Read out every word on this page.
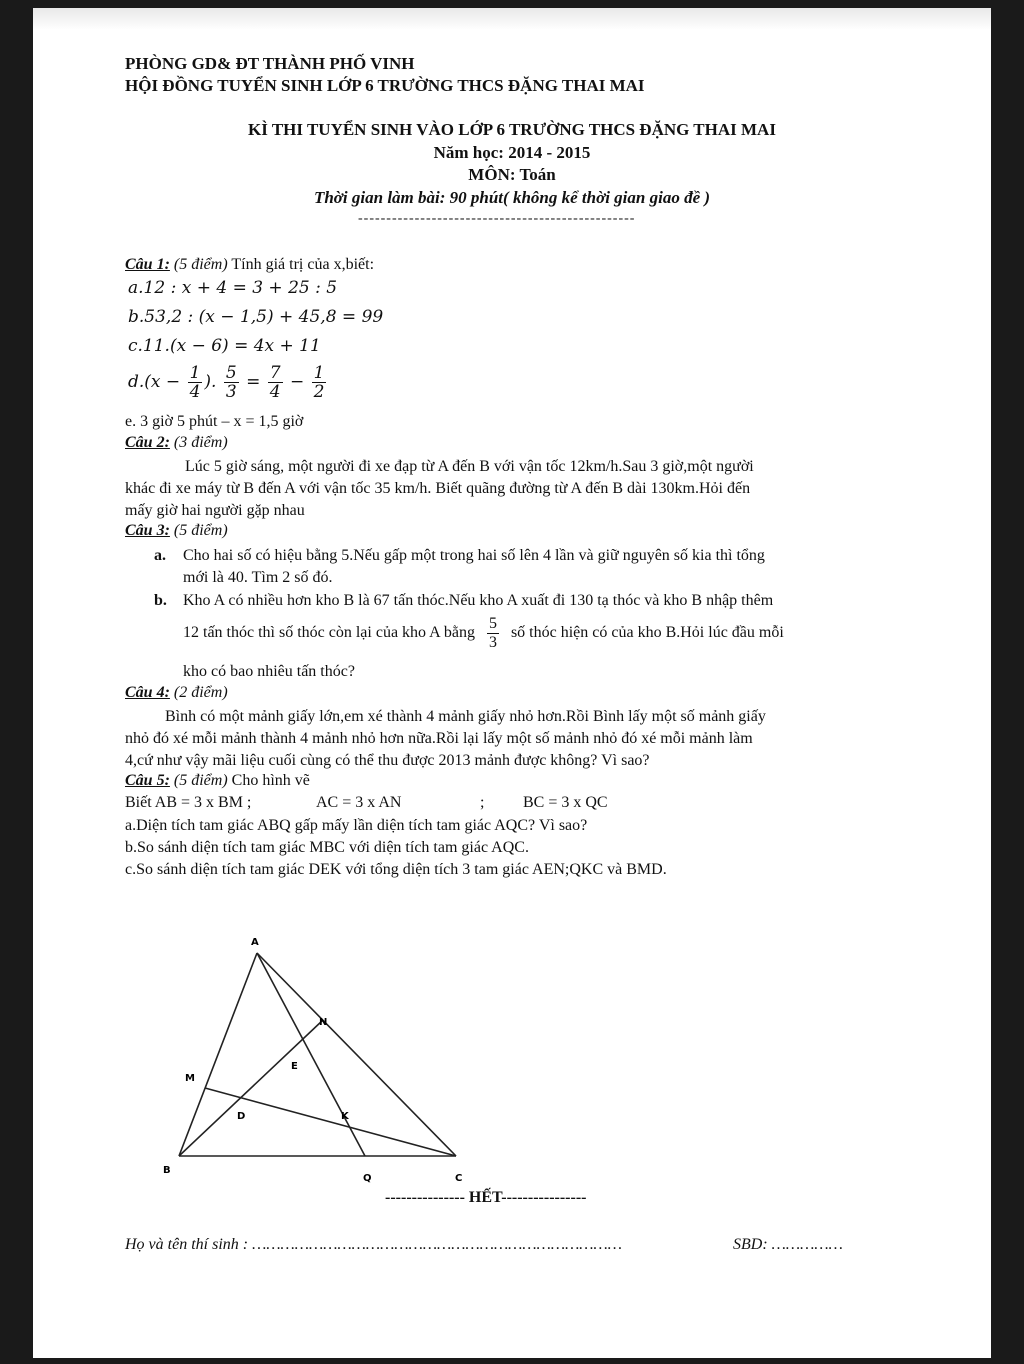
PHÒNG GD& ĐT THÀNH PHỐ VINH
HỘI ĐỒNG TUYỂN SINH LỚP 6 TRƯỜNG THCS ĐẶNG THAI MAI
KÌ THI TUYỂN SINH VÀO LỚP 6 TRƯỜNG THCS ĐẶNG THAI MAI
Năm học: 2014 - 2015
MÔN: Toán
Thời gian làm bài: 90 phút( không kể thời gian giao đề )
-------------------------------------------------
Câu 1: (5 điểm) Tính giá trị của x,biết:
a.12 : x + 4 = 3 + 25 : 5
b.53,2 : (x − 1,5) + 45,8 = 99
c.11.(x − 6) = 4x + 11
$d.(x - \frac{1}{4}$ ). $\frac{5}{3} = \frac{7}{4} - \frac{1}{2}$
e. 3 giờ 5 phút – x = 1,5 giờ
Câu 2: (3 điểm)
Lúc 5 giờ sáng, một người đi xe đạp từ A đến B với vận tốc 12km/h.Sau 3 giờ,một người
khác đi xe máy từ B đến A với vận tốc 35 km/h. Biết quãng đường từ A đến B dài 130km.Hỏi đến
mấy giờ hai người gặp nhau
Câu 3: (5 điểm)
a. Cho hai số có hiệu bằng 5.Nếu gấp một trong hai số lên 4 lần và giữ nguyên số kia thì tổng
mới là 40. Tìm 2 số đó.
b. Kho A có nhiều hơn kho B là 67 tấn thóc.Nếu kho A xuất đi 130 tạ thóc và kho B nhập thêm
12 tấn thóc thì số thóc còn lại của kho A bằng $\frac{5}{3}$ số thóc hiện có của kho B.Hỏi lúc đầu mỗi
kho có bao nhiêu tấn thóc?
Câu 4: (2 điểm)
Bình có một mảnh giấy lớn,em xé thành 4 mảnh giấy nhỏ hơn.Rồi Bình lấy một số mảnh giấy
nhỏ đó xé mỗi mảnh thành 4 mảnh nhỏ hơn nữa.Rồi lại lấy một số mảnh nhỏ đó xé mỗi mảnh làm
4,cứ như vậy mãi liệu cuối cùng có thể thu được 2013 mảnh được không? Vì sao?
Câu 5: (5 điểm) Cho hình vẽ
Biết AB = 3 x BM ;	AC = 3 x AN	; BC = 3 x QC
a.Diện tích tam giác ABQ gấp mấy lần diện tích tam giác AQC? Vì sao?
b.So sánh diện tích tam giác MBC với diện tích tam giác AQC.
c.So sánh diện tích tam giác DEK với tổng diện tích 3 tam giác AEN;QKC và BMD.
A
B
C
M
N
E
D	K
Q
--------------- HẾT----------------
Họ và tên thí sinh : ……………………………………………………………………	SBD: ……………
